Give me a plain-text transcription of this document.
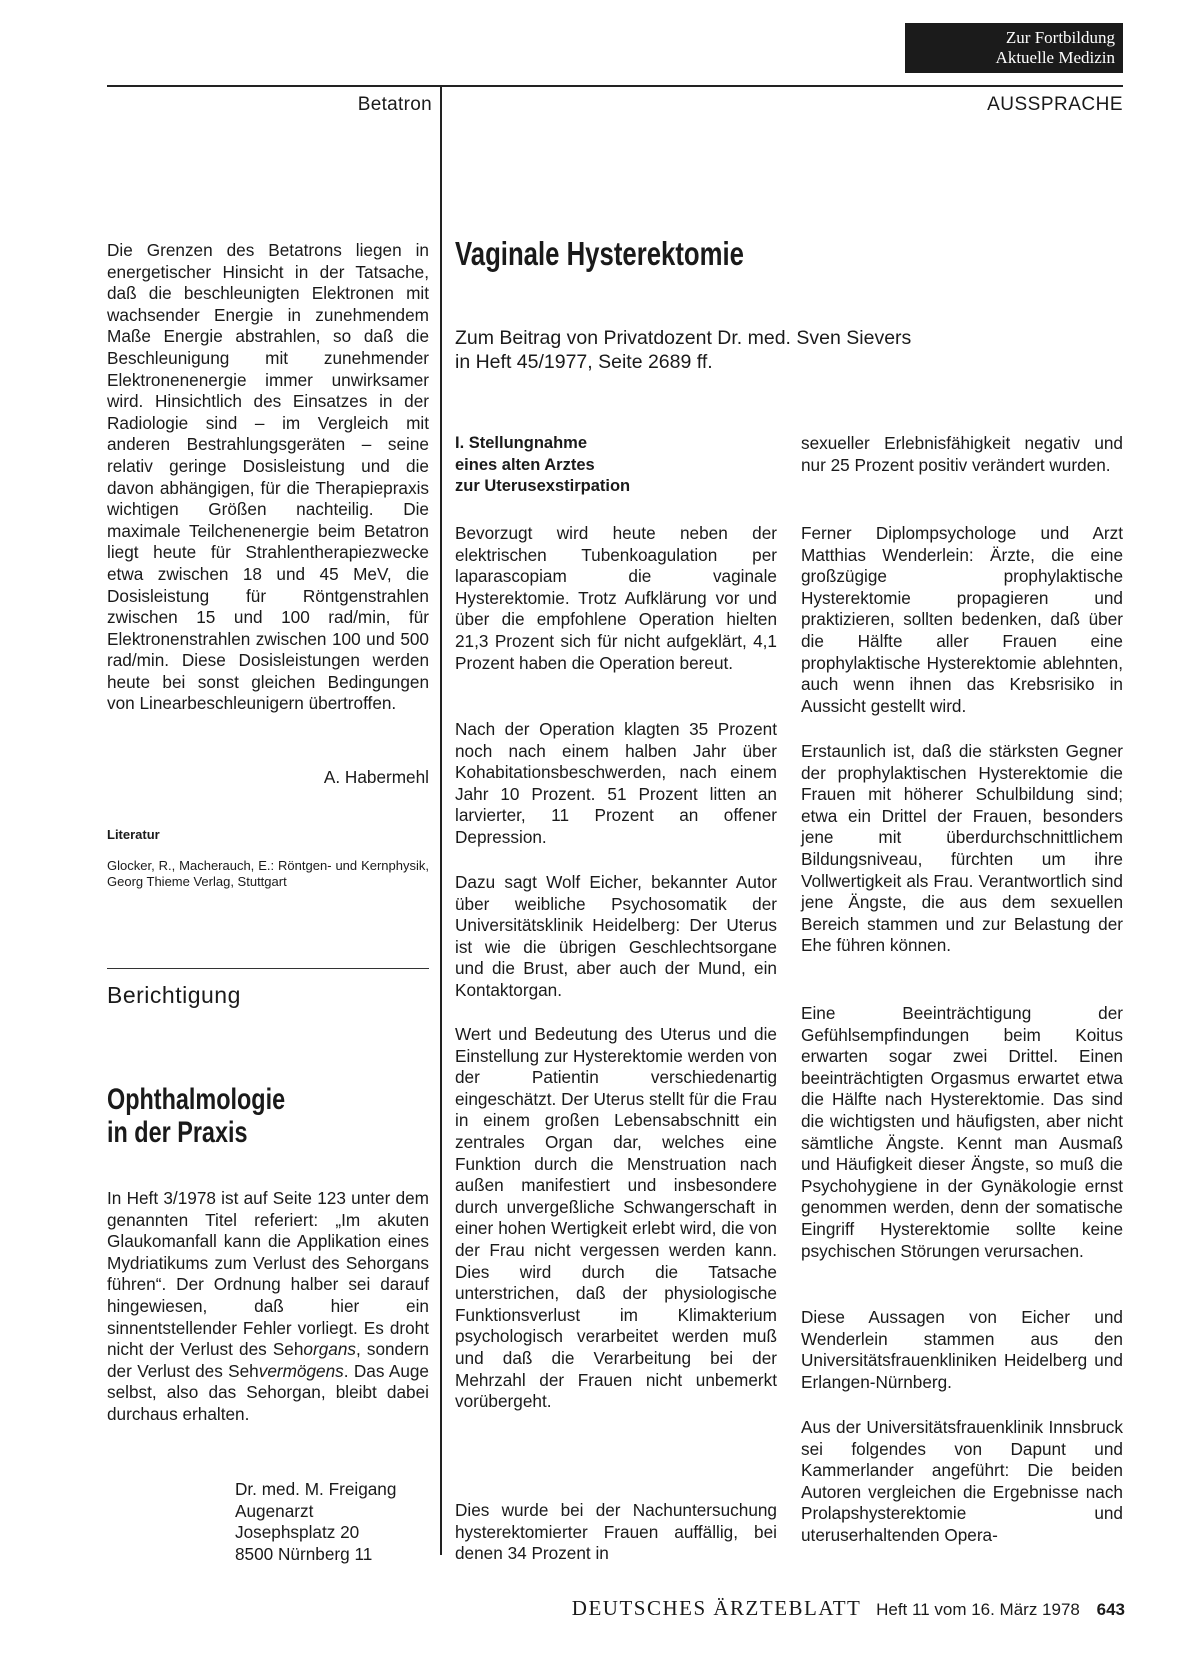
Zur Fortbildung
Aktuelle Medizin
Betatron	AUSSPRACHE

Die Grenzen des Betatrons liegen in energetischer Hinsicht in der Tatsache, daß die beschleunigten Elektronen mit wachsender Energie in zunehmendem Maße Energie abstrahlen, so daß die Beschleunigung mit zunehmender Elektronenenergie immer unwirksamer wird. Hinsichtlich des Einsatzes in der Radiologie sind – im Vergleich mit anderen Bestrahlungsgeräten – seine relativ geringe Dosisleistung und die davon abhängigen, für die Therapiepraxis wichtigen Größen nachteilig. Die maximale Teilchenenergie beim Betatron liegt heute für Strahlentherapiezwecke etwa zwischen 18 und 45 MeV, die Dosisleistung für Röntgenstrahlen zwischen 15 und 100 rad/min, für Elektronenstrahlen zwischen 100 und 500 rad/min. Diese Dosisleistungen werden heute bei sonst gleichen Bedingungen von Linearbeschleunigern übertroffen.

A. Habermehl
Literatur
Glocker, R., Macherauch, E.: Röntgen- und Kernphysik, Georg Thieme Verlag, Stuttgart
Berichtigung
Ophthalmologie
in der Praxis

In Heft 3/1978 ist auf Seite 123 unter dem genannten Titel referiert: „Im akuten Glaukomanfall kann die Applikation eines Mydriatikums zum Verlust des Sehorgans führen“. Der Ordnung halber sei darauf hingewiesen, daß hier ein sinnentstellender Fehler vorliegt. Es droht nicht der Verlust des Sehorgans, sondern der Verlust des Sehvermögens. Das Auge selbst, also das Sehorgan, bleibt dabei durchaus erhalten.

Dr. med. M. Freigang
Augenarzt
Josephsplatz 20
8500 Nürnberg 11
Vaginale Hysterektomie
Zum Beitrag von Privatdozent Dr. med. Sven Sievers
in Heft 45/1977, Seite 2689 ff.
I. Stellungnahme
eines alten Arztes
zur Uterusexstirpation

Bevorzugt wird heute neben der elektrischen Tubenkoagulation per laparascopiam die vaginale Hysterektomie. Trotz Aufklärung vor und über die empfohlene Operation hielten 21,3 Prozent sich für nicht aufgeklärt, 4,1 Prozent haben die Operation bereut.

Nach der Operation klagten 35 Prozent noch nach einem halben Jahr über Kohabitationsbeschwerden, nach einem Jahr 10 Prozent. 51 Prozent litten an larvierter, 11 Prozent an offener Depression.

Dazu sagt Wolf Eicher, bekannter Autor über weibliche Psychosomatik der Universitätsklinik Heidelberg: Der Uterus ist wie die übrigen Geschlechtsorgane und die Brust, aber auch der Mund, ein Kontaktorgan.

Wert und Bedeutung des Uterus und die Einstellung zur Hysterektomie werden von der Patientin verschiedenartig eingeschätzt. Der Uterus stellt für die Frau in einem großen Lebensabschnitt ein zentrales Organ dar, welches eine Funktion durch die Menstruation nach außen manifestiert und insbesondere durch unvergeßliche Schwangerschaft in einer hohen Wertigkeit erlebt wird, die von der Frau nicht vergessen werden kann. Dies wird durch die Tatsache unterstrichen, daß der physiologische Funktionsverlust im Klimakterium psychologisch verarbeitet werden muß und daß die Verarbeitung bei der Mehrzahl der Frauen nicht unbemerkt vorübergeht.

Dies wurde bei der Nachuntersuchung hysterektomierter Frauen auffällig, bei denen 34 Prozent in

sexueller Erlebnisfähigkeit negativ und nur 25 Prozent positiv verändert wurden.

Ferner Diplompsychologe und Arzt Matthias Wenderlein: Ärzte, die eine großzügige prophylaktische Hysterektomie propagieren und praktizieren, sollten bedenken, daß über die Hälfte aller Frauen eine prophylaktische Hysterektomie ablehnten, auch wenn ihnen das Krebsrisiko in Aussicht gestellt wird.

Erstaunlich ist, daß die stärksten Gegner der prophylaktischen Hysterektomie die Frauen mit höherer Schulbildung sind; etwa ein Drittel der Frauen, besonders jene mit überdurchschnittlichem Bildungsniveau, fürchten um ihre Vollwertigkeit als Frau. Verantwortlich sind jene Ängste, die aus dem sexuellen Bereich stammen und zur Belastung der Ehe führen können.

Eine Beeinträchtigung der Gefühlsempfindungen beim Koitus erwarten sogar zwei Drittel. Einen beeinträchtigten Orgasmus erwartet etwa die Hälfte nach Hysterektomie. Das sind die wichtigsten und häufigsten, aber nicht sämtliche Ängste. Kennt man Ausmaß und Häufigkeit dieser Ängste, so muß die Psychohygiene in der Gynäkologie ernst genommen werden, denn der somatische Eingriff Hysterektomie sollte keine psychischen Störungen verursachen.

Diese Aussagen von Eicher und Wenderlein stammen aus den Universitätsfrauenkliniken Heidelberg und Erlangen-Nürnberg.

Aus der Universitätsfrauenklinik Innsbruck sei folgendes von Dapunt und Kammerlander angeführt: Die beiden Autoren vergleichen die Ergebnisse nach Prolapshysterektomie und uteruserhaltenden Opera-

DEUTSCHES ÄRZTEBLATT Heft 11 vom 16. März 1978 643
